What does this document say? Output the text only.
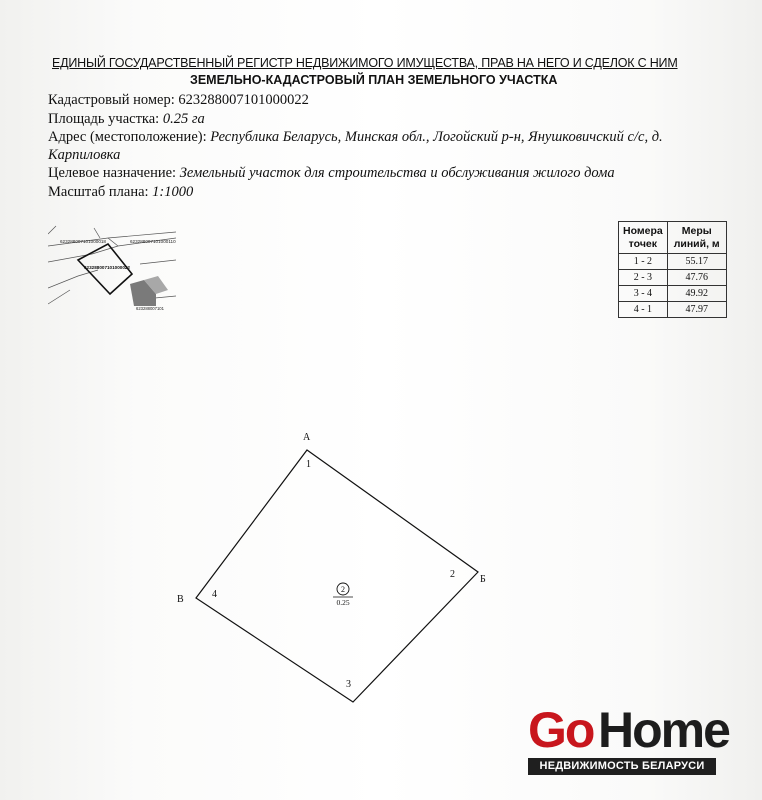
ЕДИНЫЙ ГОСУДАРСТВЕННЫЙ РЕГИСТР НЕДВИЖИМОГО ИМУЩЕСТВА, ПРАВ НА НЕГО И СДЕЛОК С НИМ
ЗЕМЕЛЬНО-КАДАСТРОВЫЙ ПЛАН ЗЕМЕЛЬНОГО УЧАСТКА
Кадастровый номер: 623288007101000022
Площадь участка: 0.25 га
Адрес (местоположение): Республика Беларусь, Минская обл., Логойский р-н, Янушковичский с/с, д.
Карпиловка
Целевое назначение: Земельный участок для строительства и обслуживания жилого дома
Масштаб плана: 1:1000
623288007101000018	623288007101000110
623288007101000022
623288007101
Номера точек	Меры линий, м
1 - 2	55.17
2 - 3	47.76
3 - 4	49.92
4 - 1	47.97
А
Б
В
1
2
3
4	2
0.25
Go Home
НЕДВИЖИМОСТЬ БЕЛАРУСИ
